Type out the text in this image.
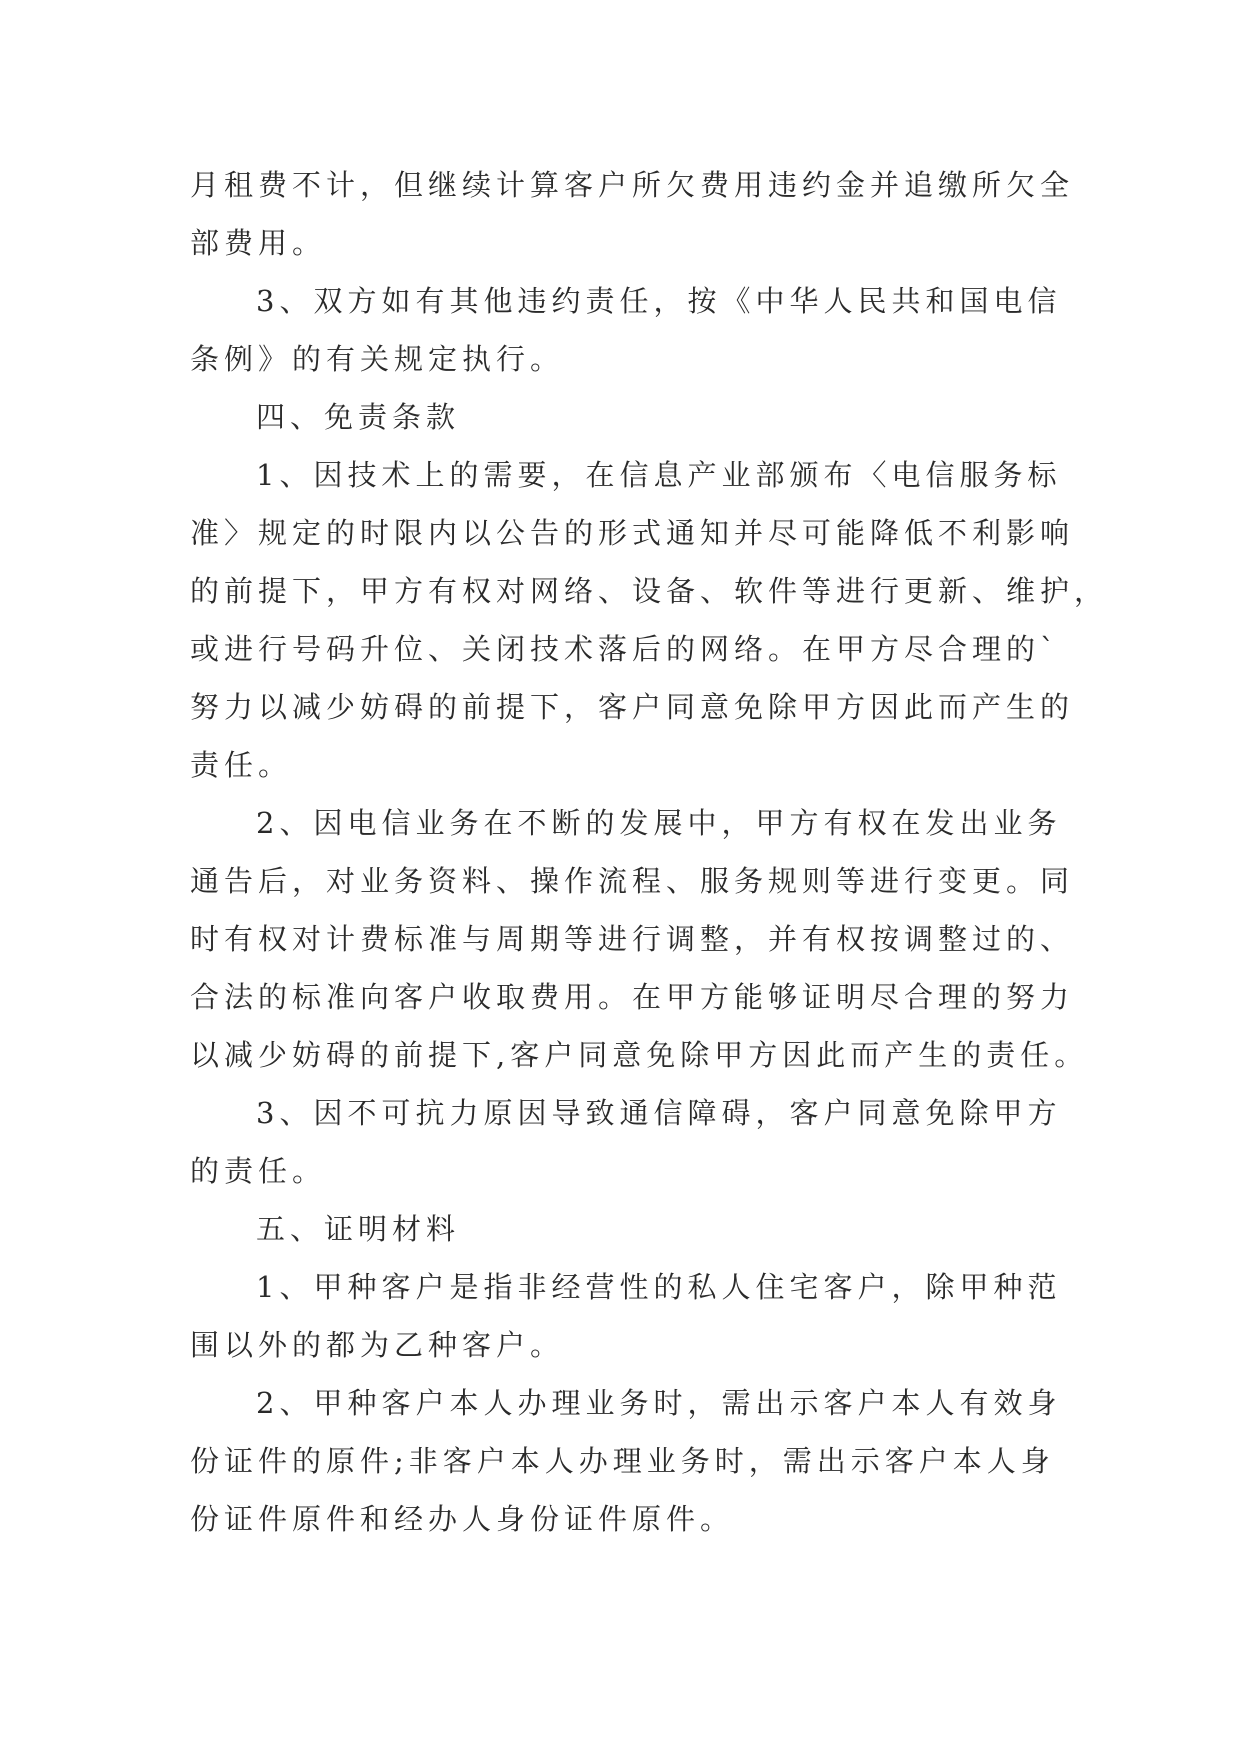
月租费不计，但继续计算客户所欠费用违约金并追缴所欠全
部费用。
3、双方如有其他违约责任，按《中华人民共和国电信
条例》的有关规定执行。
四、免责条款
1、因技术上的需要，在信息产业部颁布〈电信服务标
准〉规定的时限内以公告的形式通知并尽可能降低不利影响
的前提下，甲方有权对网络、设备、软件等进行更新、维护，
或进行号码升位、关闭技术落后的网络。在甲方尽合理的`
努力以减少妨碍的前提下，客户同意免除甲方因此而产生的
责任。
2、因电信业务在不断的发展中，甲方有权在发出业务
通告后，对业务资料、操作流程、服务规则等进行变更。同
时有权对计费标准与周期等进行调整，并有权按调整过的、
合法的标准向客户收取费用。在甲方能够证明尽合理的努力
以减少妨碍的前提下,客户同意免除甲方因此而产生的责任。
3、因不可抗力原因导致通信障碍，客户同意免除甲方
的责任。
五、证明材料
1、甲种客户是指非经营性的私人住宅客户，除甲种范
围以外的都为乙种客户。
2、甲种客户本人办理业务时，需出示客户本人有效身
份证件的原件;非客户本人办理业务时，需出示客户本人身
份证件原件和经办人身份证件原件。
